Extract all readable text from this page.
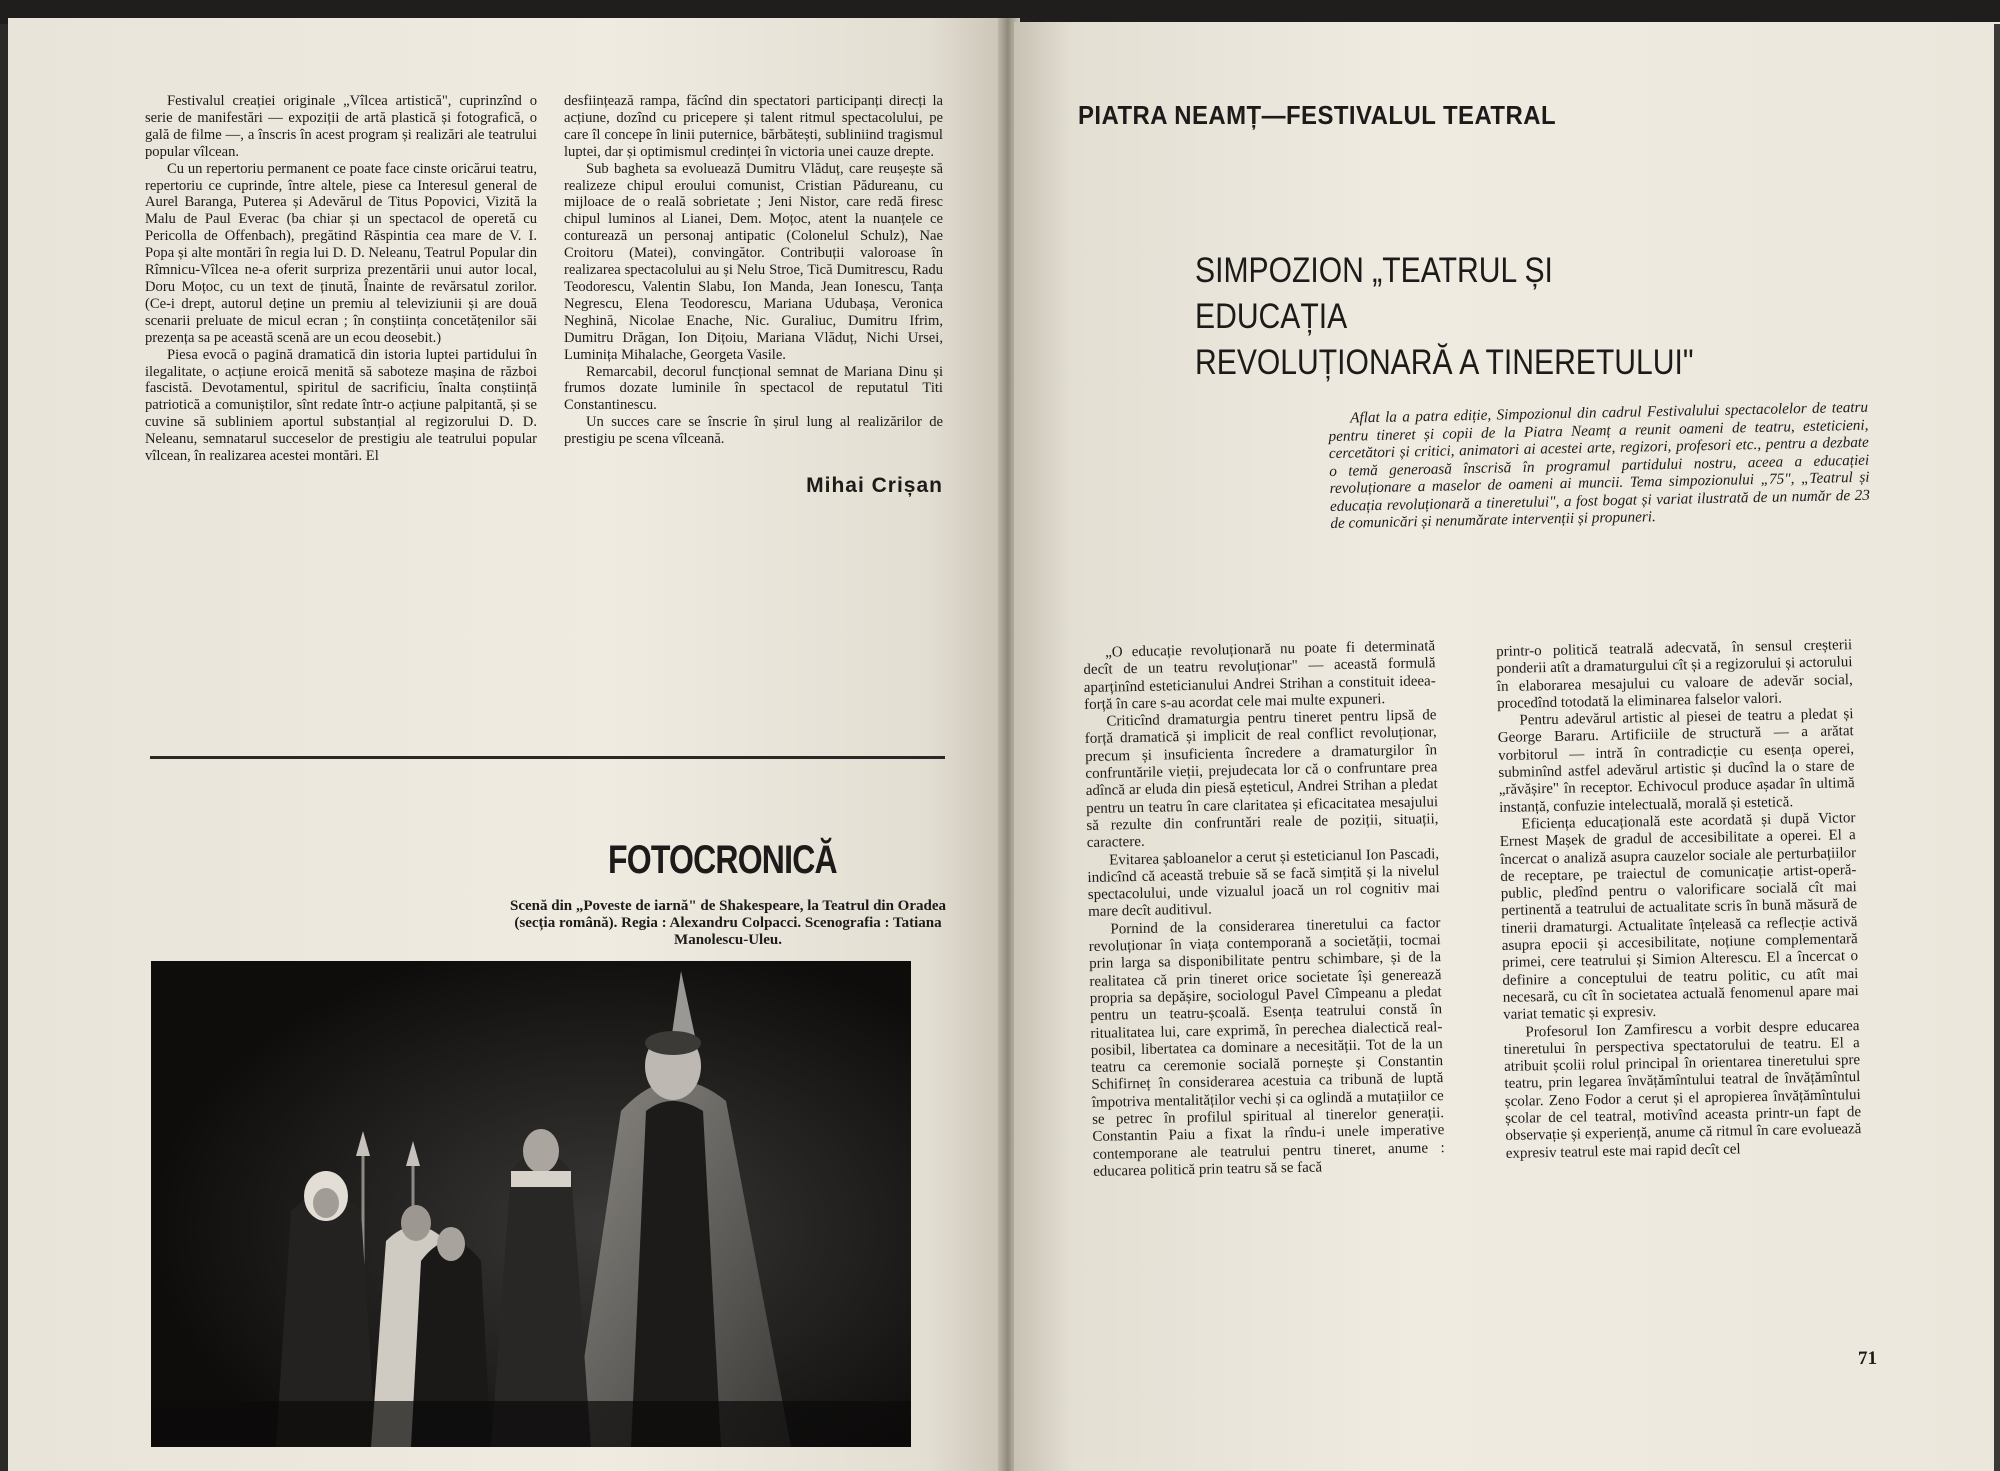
Festivalul creației originale „Vîlcea artistică", cuprinzînd o serie de manifestări — expoziții de artă plastică și fotografică, o gală de filme —, a înscris în acest program și realizări ale teatrului popular vîlcean.

Cu un repertoriu permanent ce poate face cinste oricărui teatru, repertoriu ce cuprinde, între altele, piese ca Interesul general de Aurel Baranga, Puterea și Adevărul de Titus Popovici, Vizită la Malu de Paul Everac (ba chiar și un spectacol de operetă cu Pericolla de Offenbach), pregătind Răspintia cea mare de V. I. Popa și alte montări în regia lui D. D. Neleanu, Teatrul Popular din Rîmnicu-Vîlcea ne-a oferit surpriza prezentării unui autor local, Doru Moțoc, cu un text de ținută, Înainte de revărsatul zorilor. (Ce-i drept, autorul deține un premiu al televiziunii și are două scenarii preluate de micul ecran ; în conștiința concetățenilor săi prezența sa pe această scenă are un ecou deosebit.)

Piesa evocă o pagină dramatică din istoria luptei partidului în ilegalitate, o acțiune eroică menită să saboteze mașina de război fascistă. Devotamentul, spiritul de sacrificiu, înalta conștiință patriotică a comuniștilor, sînt redate într-o acțiune palpitantă, și se cuvine să subliniem aportul substanțial al regizorului D. D. Neleanu, semnatarul succeselor de prestigiu ale teatrului popular vîlcean, în realizarea acestei montări. El

desființează rampa, făcînd din spectatori participanți direcți la acțiune, dozînd cu pricepere și talent ritmul spectacolului, pe care îl concepe în linii puternice, bărbătești, subliniind tragismul luptei, dar și optimismul credinței în victoria unei cauze drepte.

Sub bagheta sa evoluează Dumitru Vlăduț, care reușește să realizeze chipul eroului comunist, Cristian Pădureanu, cu mijloace de o reală sobrietate ; Jeni Nistor, care redă firesc chipul luminos al Lianei, Dem. Moțoc, atent la nuanțele ce conturează un personaj antipatic (Colonelul Schulz), Nae Croitoru (Matei), convingător. Contribuții valoroase în realizarea spectacolului au și Nelu Stroe, Tică Dumitrescu, Radu Teodorescu, Valentin Slabu, Ion Manda, Jean Ionescu, Tanța Negrescu, Elena Teodorescu, Mariana Udubașa, Veronica Neghină, Nicolae Enache, Nic. Guraliuc, Dumitru Ifrim, Dumitru Drăgan, Ion Dițoiu, Mariana Vlăduț, Nichi Ursei, Luminița Mihalache, Georgeta Vasile.

Remarcabil, decorul funcțional semnat de Mariana Dinu și frumos dozate luminile în spectacol de reputatul Titi Constantinescu.

Un succes care se înscrie în șirul lung al realizărilor de prestigiu pe scena vîlceană.

Mihai Crișan
FOTOCRONICĂ
Scenă din „Poveste de iarnă" de Shakespeare, la Teatrul din Oradea (secția română). Regia : Alexandru Colpacci. Scenografia : Tatiana Manolescu-Uleu.
PIATRA NEAMȚ—FESTIVALUL TEATRAL
SIMPOZION „TEATRUL ȘI EDUCAȚIA
REVOLUȚIONARĂ A TINERETULUI"

Aflat la a patra ediție, Simpozionul din cadrul Festivalului spectacolelor de teatru pentru tineret și copii de la Piatra Neamț a reunit oameni de teatru, esteticieni, cercetători și critici, animatori ai acestei arte, regizori, profesori etc., pentru a dezbate o temă generoasă înscrisă în programul partidului nostru, aceea a educației revoluționare a maselor de oameni ai muncii. Tema simpozionului „75", „Teatrul și educația revoluționară a tineretului", a fost bogat și variat ilustrată de un număr de 23 de comunicări și nenumărate intervenții și propuneri.

„O educație revoluționară nu poate fi determinată decît de un teatru revoluționar" — această formulă aparținînd esteticianului Andrei Strihan a constituit ideea-forță în care s-au acordat cele mai multe expuneri.

Criticînd dramaturgia pentru tineret pentru lipsă de forță dramatică și implicit de real conflict revoluționar, precum și insuficienta încredere a dramaturgilor în confruntările vieții, prejudecata lor că o confruntare prea adîncă ar eluda din piesă eșteticul, Andrei Strihan a pledat pentru un teatru în care claritatea și eficacitatea mesajului să rezulte din confruntări reale de poziții, situații, caractere.

Evitarea șabloanelor a cerut și esteticianul Ion Pascadi, indicînd că această trebuie să se facă simțită și la nivelul spectacolului, unde vizualul joacă un rol cognitiv mai mare decît auditivul.

Pornind de la considerarea tineretului ca factor revoluționar în viața contemporană a societății, tocmai prin larga sa disponibilitate pentru schimbare, și de la realitatea că prin tineret orice societate își generează propria sa depășire, sociologul Pavel Cîmpeanu a pledat pentru un teatru-școală. Esența teatrului constă în ritualitatea lui, care exprimă, în perechea dialectică real-posibil, libertatea ca dominare a necesității. Tot de la un teatru ca ceremonie socială pornește și Constantin Schifirneț în considerarea acestuia ca tribună de luptă împotriva mentalităților vechi și ca oglindă a mutațiilor ce se petrec în profilul spiritual al tinerelor generații. Constantin Paiu a fixat la rîndu-i unele imperative contemporane ale teatrului pentru tineret, anume : educarea politică prin teatru să se facă

printr-o politică teatrală adecvată, în sensul creșterii ponderii atît a dramaturgului cît și a regizorului și actorului în elaborarea mesajului cu valoare de adevăr social, procedînd totodată la eliminarea falselor valori.

Pentru adevărul artistic al piesei de teatru a pledat și George Bararu. Artificiile de structură — a arătat vorbitorul — intră în contradicție cu esența operei, subminînd astfel adevărul artistic și ducînd la o stare de „răvășire" în receptor. Echivocul produce așadar în ultimă instanță, confuzie intelectuală, morală și estetică.

Eficiența educațională este acordată și după Victor Ernest Mașek de gradul de accesibilitate a operei. El a încercat o analiză asupra cauzelor sociale ale perturbațiilor de receptare, pe traiectul de comunicație artist-operă-public, pledînd pentru o valorificare socială cît mai pertinentă a teatrului de actualitate scris în bună măsură de tinerii dramaturgi. Actualitate înțeleasă ca reflecție activă asupra epocii și accesibilitate, noțiune complementară primei, cere teatrului și Simion Alterescu. El a încercat o definire a conceptului de teatru politic, cu atît mai necesară, cu cît în societatea actuală fenomenul apare mai variat tematic și expresiv.

Profesorul Ion Zamfirescu a vorbit despre educarea tineretului în perspectiva spectatorului de teatru. El a atribuit școlii rolul principal în orientarea tineretului spre teatru, prin legarea învățămîntului teatral de învățămîntul școlar. Zeno Fodor a cerut și el apropierea învățămîntului școlar de cel teatral, motivînd aceasta printr-un fapt de observație și experiență, anume că ritmul în care evoluează expresiv teatrul este mai rapid decît cel

71
